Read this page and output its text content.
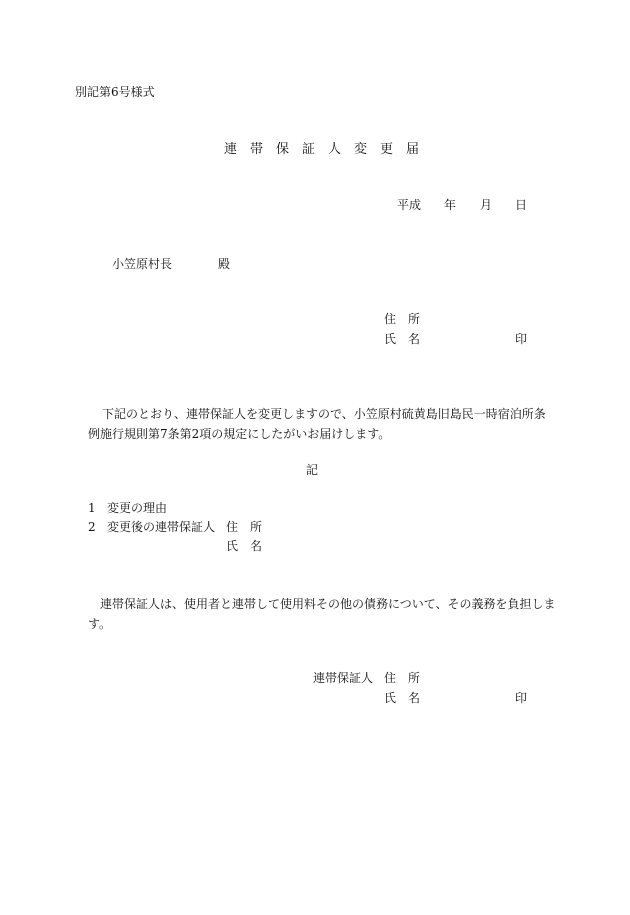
別記第6号様式
連　帯　保　証　人　変　更　届
平成 年 月 日
小笠原村長	殿
住　所
氏　名	印
下記のとおり、連帯保証人を変更しますので、小笠原村硫黄島旧島民一時宿泊所条例施行規則第7条第2項の規定にしたがいお届けします。
記
1 変更の理由
2 変更後の連帯保証人 住　所
氏　名
連帯保証人は、使用者と連帯して使用料その他の債務について、その義務を負担します。
連帯保証人 住　所
氏　名	印
